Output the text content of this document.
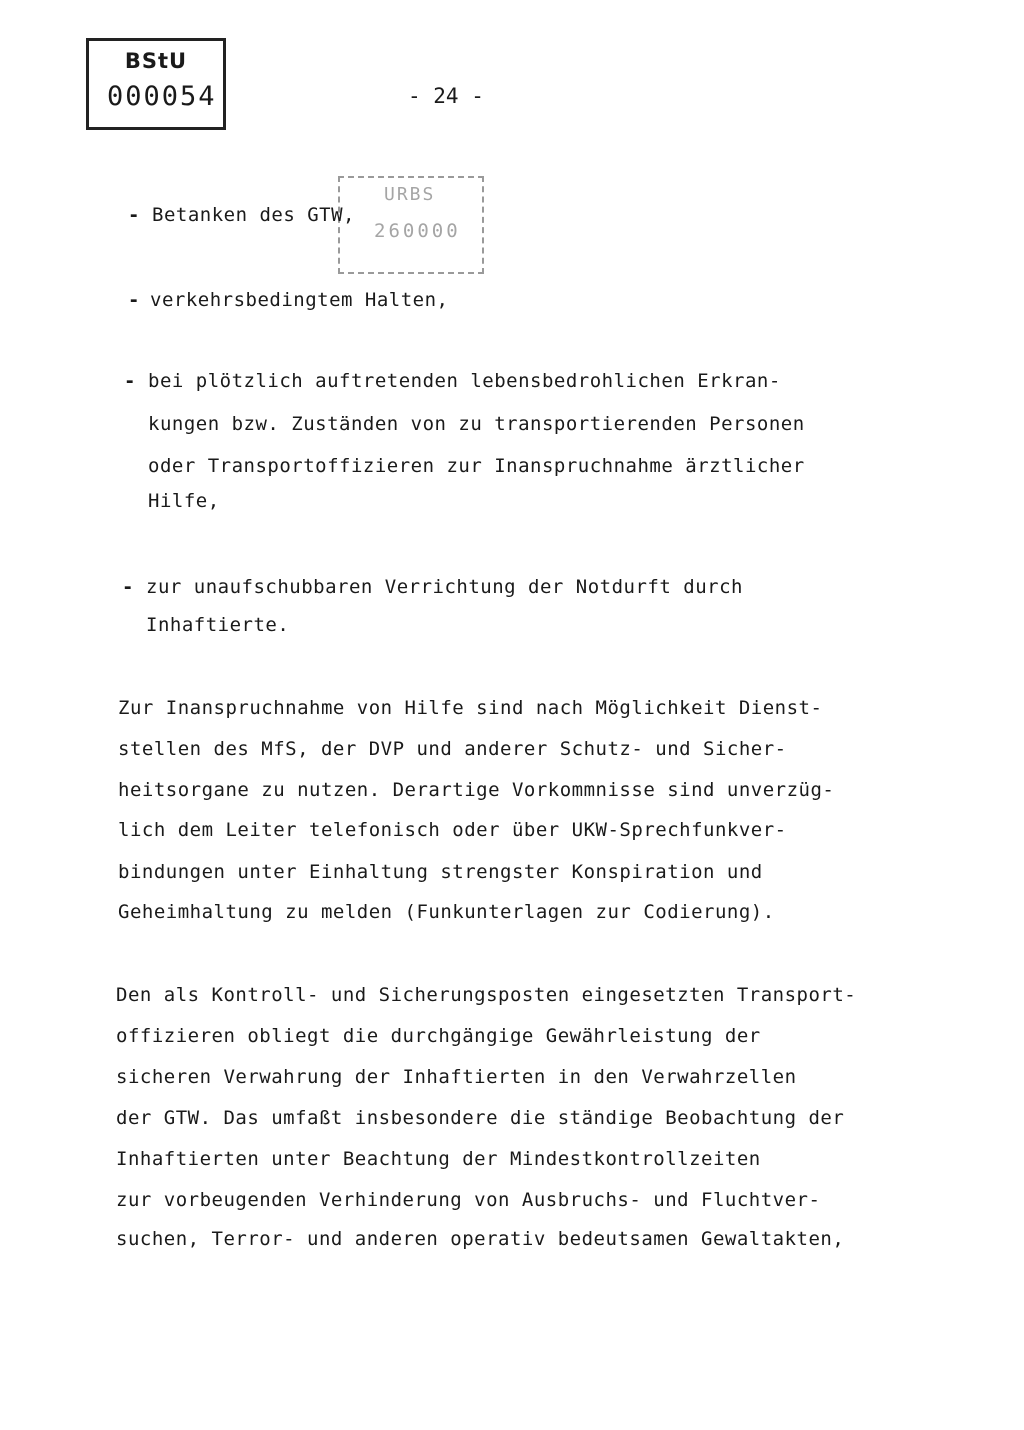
BStU
000054	- 24 -
URBS
260000
- Betanken des GTW,
- verkehrsbedingtem Halten,
- bei plötzlich auftretenden lebensbedrohlichen Erkran-
kungen bzw. Zuständen von zu transportierenden Personen
oder Transportoffizieren zur Inanspruchnahme ärztlicher
Hilfe,
- zur unaufschubbaren Verrichtung der Notdurft durch
Inhaftierte.
Zur Inanspruchnahme von Hilfe sind nach Möglichkeit Dienst-
stellen des MfS, der DVP und anderer Schutz- und Sicher-
heitsorgane zu nutzen. Derartige Vorkommnisse sind unverzüg-
lich dem Leiter telefonisch oder über UKW-Sprechfunkver-
bindungen unter Einhaltung strengster Konspiration und
Geheimhaltung zu melden (Funkunterlagen zur Codierung).
Den als Kontroll- und Sicherungsposten eingesetzten Transport-
offizieren obliegt die durchgängige Gewährleistung der
sicheren Verwahrung der Inhaftierten in den Verwahrzellen
der GTW. Das umfaßt insbesondere die ständige Beobachtung der
Inhaftierten unter Beachtung der Mindestkontrollzeiten
zur vorbeugenden Verhinderung von Ausbruchs- und Fluchtver-
suchen, Terror- und anderen operativ bedeutsamen Gewaltakten,
